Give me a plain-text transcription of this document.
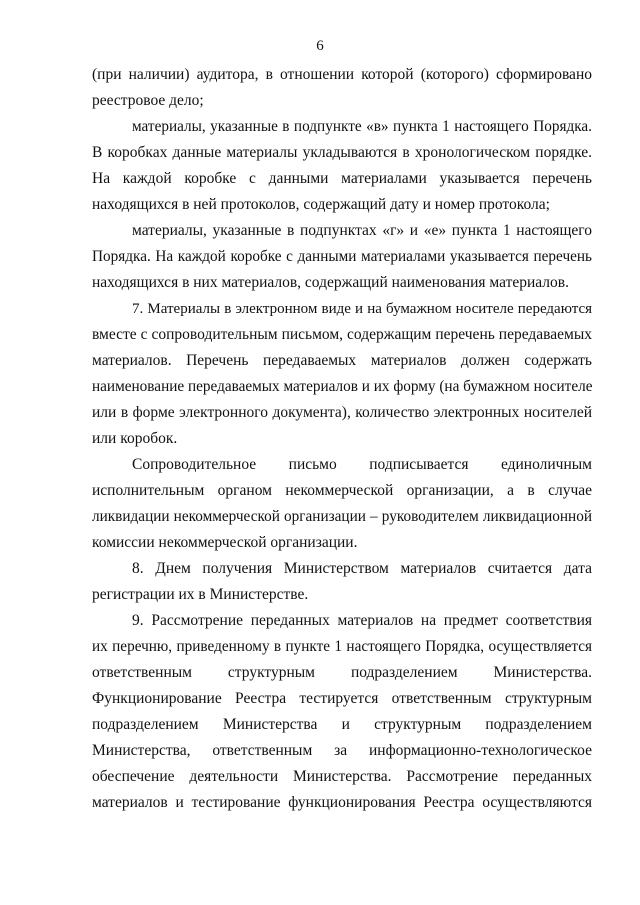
6
(при наличии) аудитора, в отношении которой (которого) сформировано
реестровое дело;
материалы, указанные в подпункте «в» пункта 1 настоящего Порядка.
В коробках данные материалы укладываются в хронологическом порядке.
На каждой коробке с данными материалами указывается перечень
находящихся в ней протоколов, содержащий дату и номер протокола;
материалы, указанные в подпунктах «г» и «е» пункта 1 настоящего
Порядка. На каждой коробке с данными материалами указывается перечень
находящихся в них материалов, содержащий наименования материалов.
7. Материалы в электронном виде и на бумажном носителе передаются
вместе с сопроводительным письмом, содержащим перечень передаваемых
материалов. Перечень передаваемых материалов должен содержать
наименование передаваемых материалов и их форму (на бумажном носителе
или в форме электронного документа), количество электронных носителей
или коробок.
Сопроводительное письмо подписывается единоличным
исполнительным органом некоммерческой организации, а в случае
ликвидации некоммерческой организации – руководителем ликвидационной
комиссии некоммерческой организации.
8. Днем получения Министерством материалов считается дата
регистрации их в Министерстве.
9. Рассмотрение переданных материалов на предмет соответствия
их перечню, приведенному в пункте 1 настоящего Порядка, осуществляется
ответственным структурным подразделением Министерства.
Функционирование Реестра тестируется ответственным структурным
подразделением Министерства и структурным подразделением
Министерства, ответственным за информационно-технологическое
обеспечение деятельности Министерства. Рассмотрение переданных
материалов и тестирование функционирования Реестра осуществляются
